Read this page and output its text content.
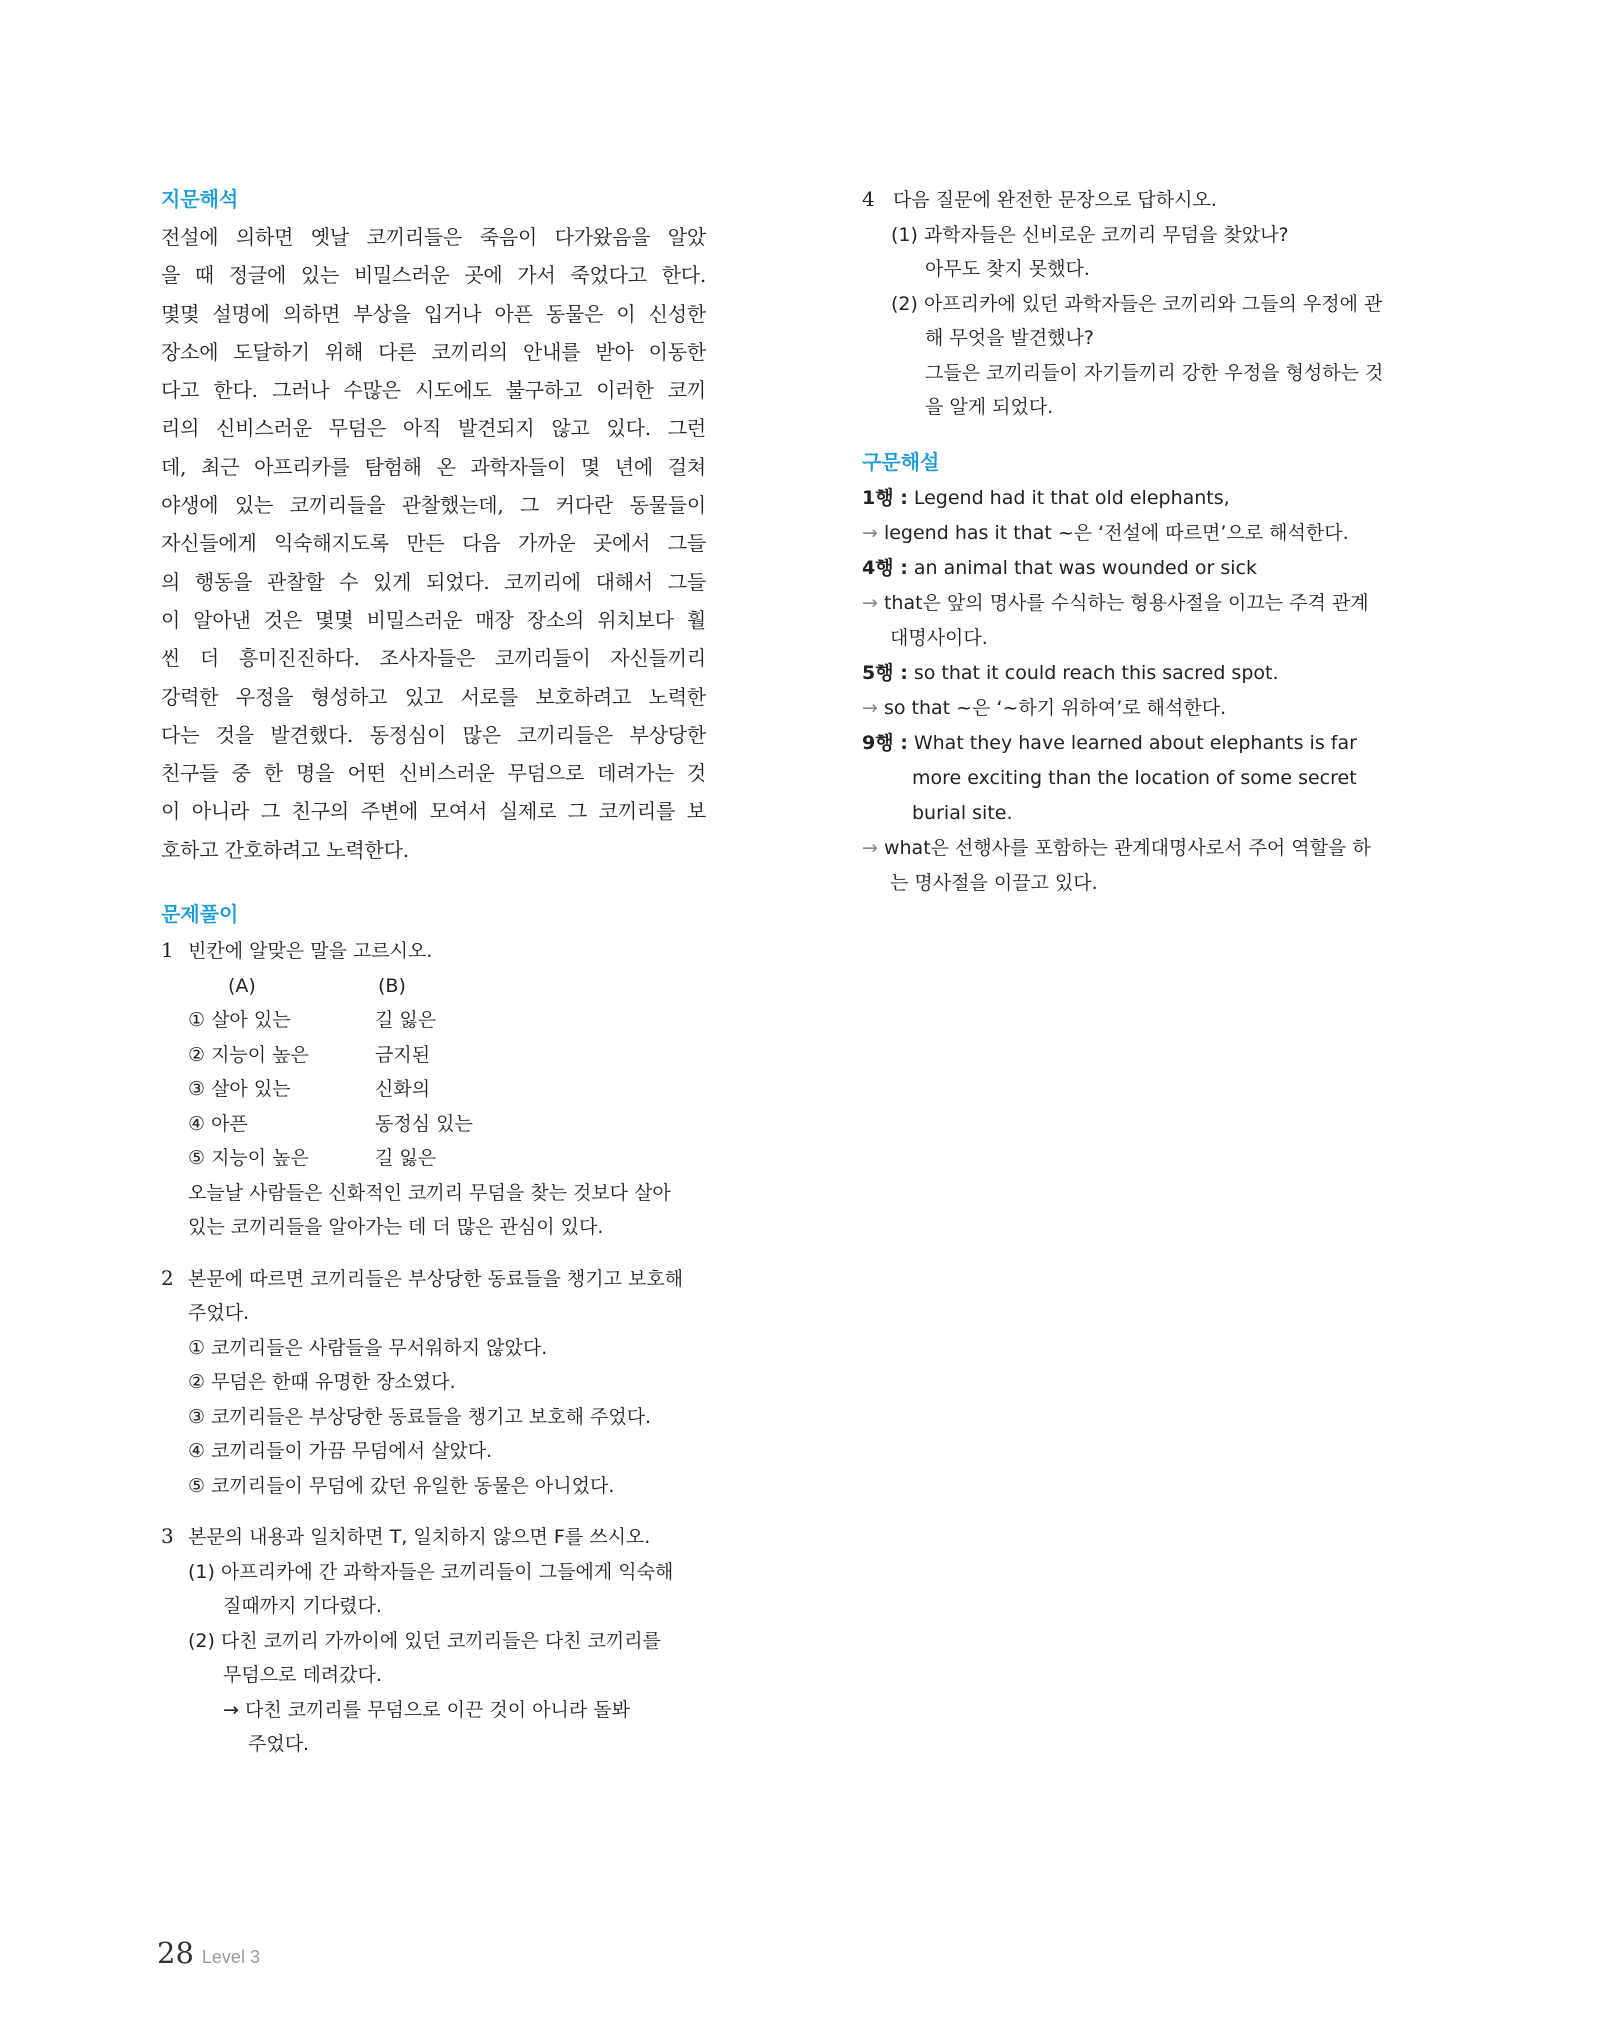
지문해석
전설에 의하면 옛날 코끼리들은 죽음이 다가왔음을 알았
을 때 정글에 있는 비밀스러운 곳에 가서 죽었다고 한다.
몇몇 설명에 의하면 부상을 입거나 아픈 동물은 이 신성한
장소에 도달하기 위해 다른 코끼리의 안내를 받아 이동한
다고 한다. 그러나 수많은 시도에도 불구하고 이러한 코끼
리의 신비스러운 무덤은 아직 발견되지 않고 있다. 그런
데, 최근 아프리카를 탐험해 온 과학자들이 몇 년에 걸쳐
야생에 있는 코끼리들을 관찰했는데, 그 커다란 동물들이
자신들에게 익숙해지도록 만든 다음 가까운 곳에서 그들
의 행동을 관찰할 수 있게 되었다. 코끼리에 대해서 그들
이 알아낸 것은 몇몇 비밀스러운 매장 장소의 위치보다 훨
씬 더 흥미진진하다. 조사자들은 코끼리들이 자신들끼리
강력한 우정을 형성하고 있고 서로를 보호하려고 노력한
다는 것을 발견했다. 동정심이 많은 코끼리들은 부상당한
친구들 중 한 명을 어떤 신비스러운 무덤으로 데려가는 것
이 아니라 그 친구의 주변에 모여서 실제로 그 코끼리를 보
호하고 간호하려고 노력한다.
문제풀이
1 빈칸에 알맞은 말을 고르시오.
(A)	(B)
① 살아 있는	길 잃은
② 지능이 높은	금지된
③ 살아 있는	신화의
④ 아픈	동정심 있는
⑤ 지능이 높은	길 잃은
오늘날 사람들은 신화적인 코끼리 무덤을 찾는 것보다 살아
있는 코끼리들을 알아가는 데 더 많은 관심이 있다.
2 본문에 따르면 코끼리들은 부상당한 동료들을 챙기고 보호해
주었다.
① 코끼리들은 사람들을 무서워하지 않았다.
② 무덤은 한때 유명한 장소였다.
③ 코끼리들은 부상당한 동료들을 챙기고 보호해 주었다.
④ 코끼리들이 가끔 무덤에서 살았다.
⑤ 코끼리들이 무덤에 갔던 유일한 동물은 아니었다.
3 본문의 내용과 일치하면 T, 일치하지 않으면 F를 쓰시오.
(1) 아프리카에 간 과학자들은 코끼리들이 그들에게 익숙해
질때까지 기다렸다.
(2) 다친 코끼리 가까이에 있던 코끼리들은 다친 코끼리를
무덤으로 데려갔다.
→ 다친 코끼리를 무덤으로 이끈 것이 아니라 돌봐
주었다.
4 다음 질문에 완전한 문장으로 답하시오.
(1) 과학자들은 신비로운 코끼리 무덤을 찾았나?
아무도 찾지 못했다.
(2) 아프리카에 있던 과학자들은 코끼리와 그들의 우정에 관
해 무엇을 발견했나?
그들은 코끼리들이 자기들끼리 강한 우정을 형성하는 것
을 알게 되었다.
구문해설
1행 : Legend had it that old elephants,
→ legend has it that ~은 ‘전설에 따르면’으로 해석한다.
4행 : an animal that was wounded or sick
→ that은 앞의 명사를 수식하는 형용사절을 이끄는 주격 관계
대명사이다.
5행 : so that it could reach this sacred spot.
→ so that ~은 ‘~하기 위하여’로 해석한다.
9행 : What they have learned about elephants is far
more exciting than the location of some secret
burial site.
→ what은 선행사를 포함하는 관계대명사로서 주어 역할을 하
는 명사절을 이끌고 있다.
28 Level 3
